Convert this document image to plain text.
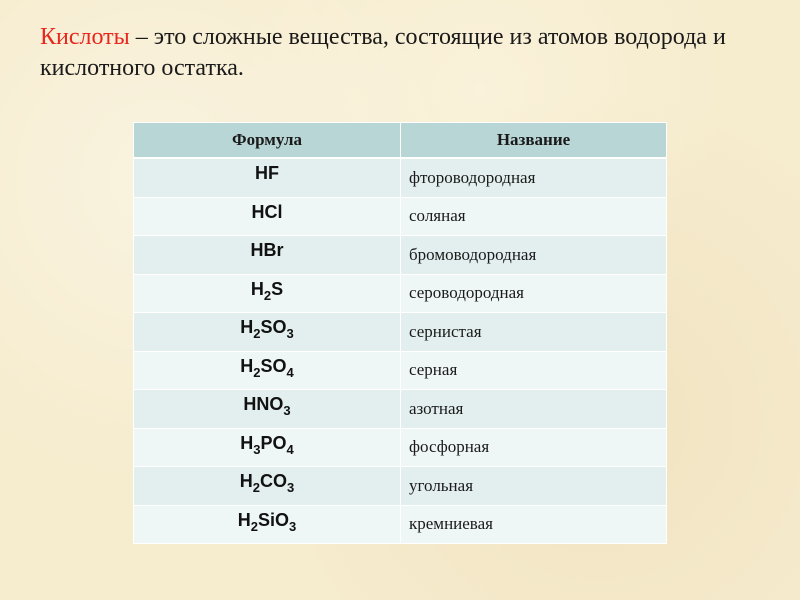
Кислоты – это сложные вещества, состоящие из атомов водорода и кислотного остатка.

Формула	Название
HF	фтороводородная
HCl	соляная
HBr	бромоводородная
$H_2S$	сероводородная
$H_2SO_3$	сернистая
$H_2SO_4$	серная
$HNO_3$	азотная
$H_3PO_4$	фосфорная
$H_2CO_3$	угольная
$H_2SiO_3$	кремниевая
